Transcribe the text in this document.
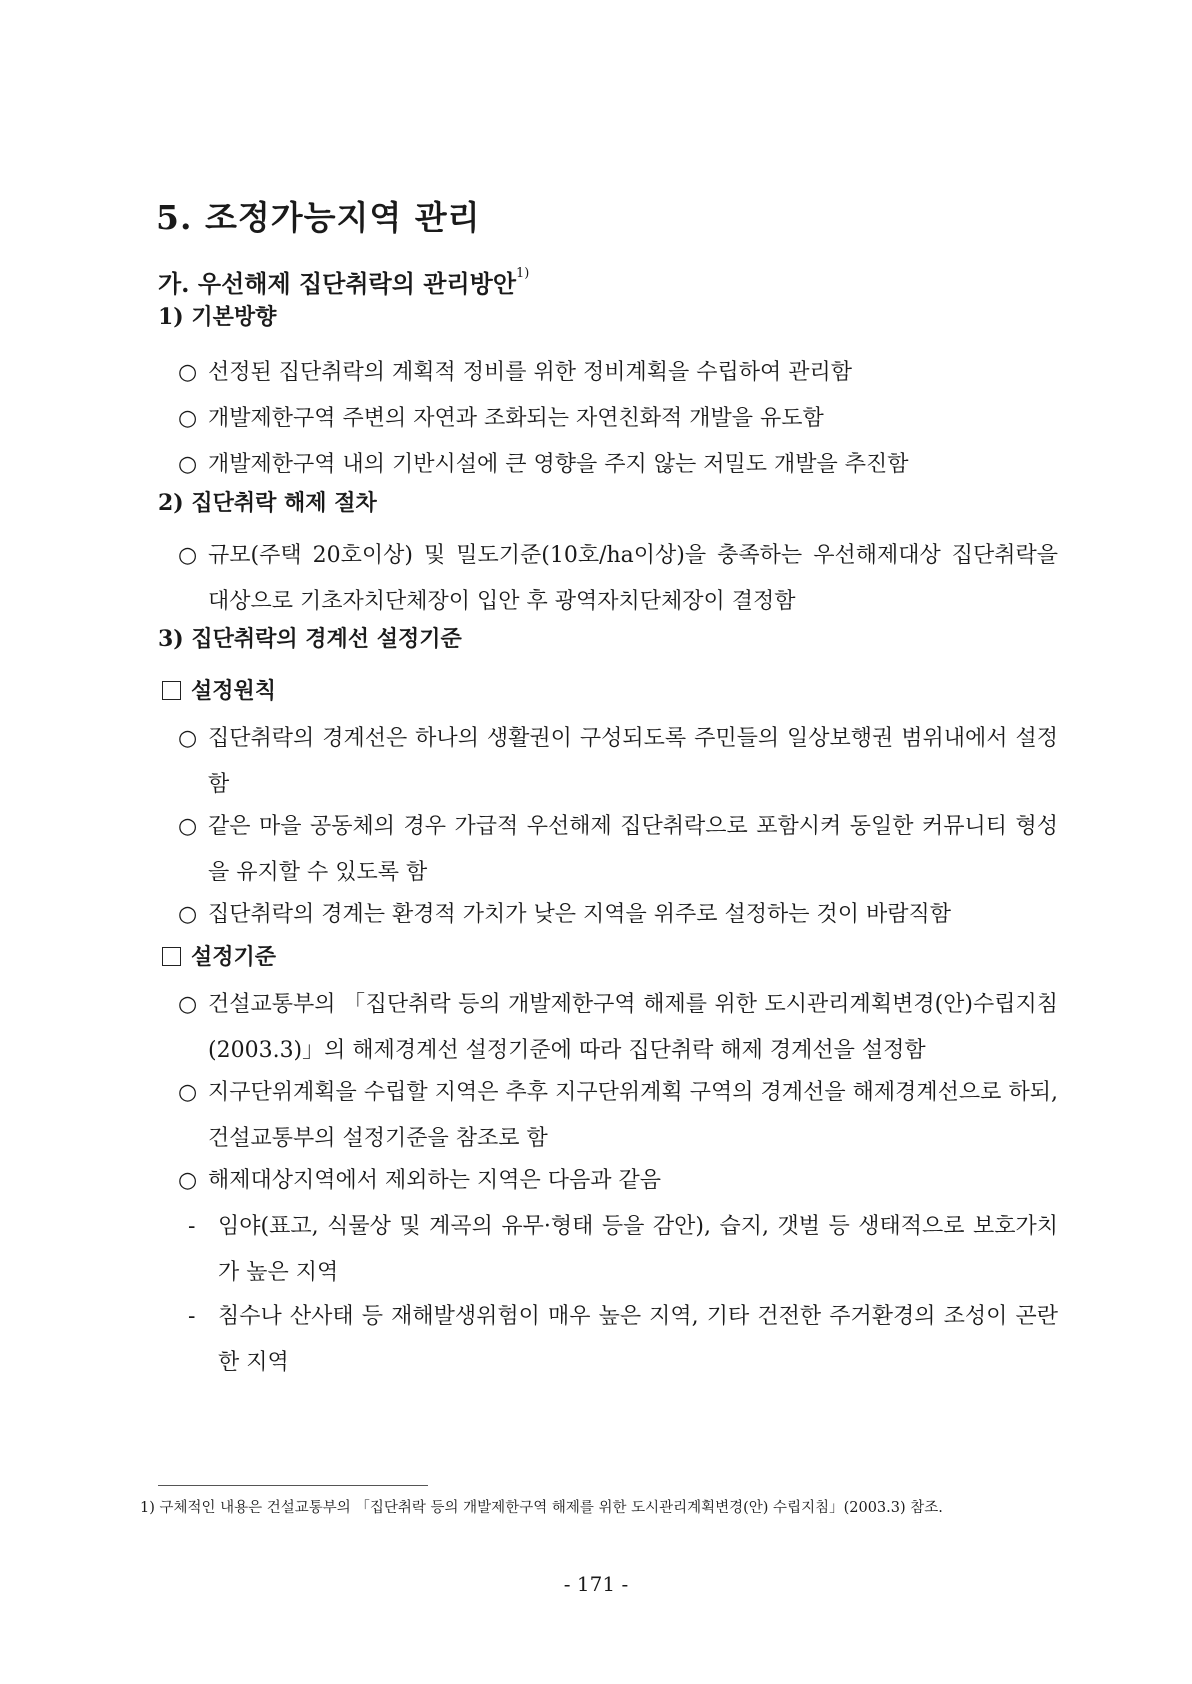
5. 조정가능지역 관리
가. 우선해제 집단취락의 관리방안$^{1)}$
1) 기본방향
○ 선정된 집단취락의 계획적 정비를 위한 정비계획을 수립하여 관리함
○ 개발제한구역 주변의 자연과 조화되는 자연친화적 개발을 유도함
○ 개발제한구역 내의 기반시설에 큰 영향을 주지 않는 저밀도 개발을 추진함
2) 집단취락 해제 절차
○ 규모(주택 20호이상) 및 밀도기준(10호/ha이상)을 충족하는 우선해제대상 집단취락을 대상으로 기초자치단체장이 입안 후 광역자치단체장이 결정함
3) 집단취락의 경계선 설정기준
설정원칙
○ 집단취락의 경계선은 하나의 생활권이 구성되도록 주민들의 일상보행권 범위내에서 설정함
○ 같은 마을 공동체의 경우 가급적 우선해제 집단취락으로 포함시켜 동일한 커뮤니티 형성을 유지할 수 있도록 함
○ 집단취락의 경계는 환경적 가치가 낮은 지역을 위주로 설정하는 것이 바람직함
설정기준
○ 건설교통부의 「집단취락 등의 개발제한구역 해제를 위한 도시관리계획변경(안)수립지침(2003.3)」의 해제경계선 설정기준에 따라 집단취락 해제 경계선을 설정함
○ 지구단위계획을 수립할 지역은 추후 지구단위계획 구역의 경계선을 해제경계선으로 하되, 건설교통부의 설정기준을 참조로 함
○ 해제대상지역에서 제외하는 지역은 다음과 같음
- 임야(표고, 식물상 및 계곡의 유무·형태 등을 감안), 습지, 갯벌 등 생태적으로 보호가치가 높은 지역
- 침수나 산사태 등 재해발생위험이 매우 높은 지역, 기타 건전한 주거환경의 조성이 곤란한 지역
1) 구체적인 내용은 건설교통부의 「집단취락 등의 개발제한구역 해제를 위한 도시관리계획변경(안) 수립지침」(2003.3) 참조.
- 171 -
